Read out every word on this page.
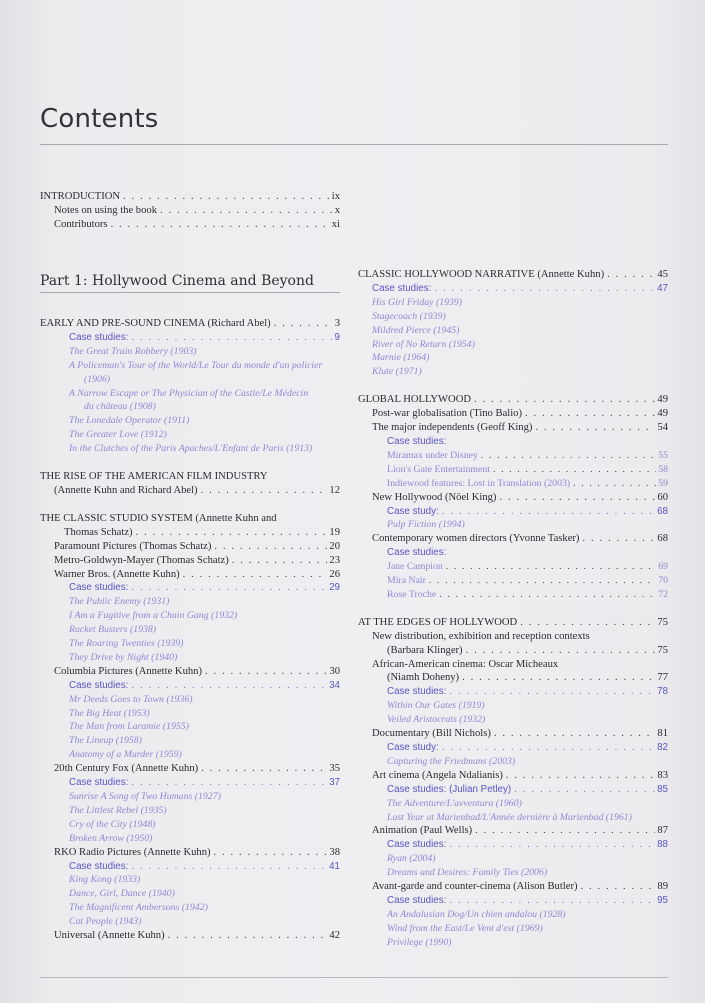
Contents
INTRODUCTION . . .	ix
Notes on using the book . . .	x
Contributors . . .	xi
Part 1: Hollywood Cinema and Beyond
EARLY AND PRE-SOUND CINEMA (Richard Abel) . . .	3
Case studies: . . .	9
The Great Train Robbery (1903)
A Policeman's Tour of the World/Le Tour du monde d'un policier
(1906)
A Narrow Escape or The Physician of the Castle/Le Médecin
du château (1908)
The Lonedale Operator (1911)
The Greater Love (1912)
In the Clutches of the Paris Apaches/L'Enfant de Paris (1913)
THE RISE OF THE AMERICAN FILM INDUSTRY
(Annette Kuhn and Richard Abel) . . .	12
THE CLASSIC STUDIO SYSTEM (Annette Kuhn and
Thomas Schatz) . . .	19
Paramount Pictures (Thomas Schatz) . . .	20
Metro-Goldwyn-Mayer (Thomas Schatz) . . .	23
Warner Bros. (Annette Kuhn) . . .	26
Case studies: . . .	29
The Public Enemy (1931)
I Am a Fugitive from a Chain Gang (1932)
Racket Busters (1938)
The Roaring Twenties (1939)
They Drive by Night (1940)
Columbia Pictures (Annette Kuhn) . . .	30
Case studies: . . .	34
Mr Deeds Goes to Town (1936)
The Big Heat (1953)
The Man from Laramie (1955)
The Lineup (1958)
Anatomy of a Murder (1959)
20th Century Fox (Annette Kuhn) . . .	35
Case studies: . . .	37
Sunrise A Song of Two Humans (1927)
The Littlest Rebel (1935)
Cry of the City (1948)
Broken Arrow (1950)
RKO Radio Pictures (Annette Kuhn) . . .	38
Case studies: . . .	41
King Kong (1933)
Dance, Girl, Dance (1940)
The Magnificent Ambersons (1942)
Cat People (1943)
Universal (Annette Kuhn) . . .	42
CLASSIC HOLLYWOOD NARRATIVE (Annette Kuhn) . . .	45
Case studies: . . .	47
His Girl Friday (1939)
Stagecoach (1939)
Mildred Pierce (1945)
River of No Return (1954)
Marnie (1964)
Klute (1971)
GLOBAL HOLLYWOOD . . .	49
Post-war globalisation (Tino Balio) . . .	49
The major independents (Geoff King) . . .	54
Case studies:
Miramax under Disney . . .	55
Lion's Gate Entertainment . . .	58
Indiewood features: Lost in Translation (2003) . . .	59
New Hollywood (Nöel King) . . .	60
Case study: . . .	68
Pulp Fiction (1994)
Contemporary women directors (Yvonne Tasker) . . .	68
Case studies:
Jane Campion . . .	69
Mira Nair . . .	70
Rose Troche . . .	72
AT THE EDGES OF HOLLYWOOD . . .	75
New distribution, exhibition and reception contexts
(Barbara Klinger) . . .	75
African-American cinema: Oscar Micheaux
(Niamh Doheny) . . .	77
Case studies: . . .	78
Within Our Gates (1919)
Veiled Aristocrats (1932)
Documentary (Bill Nichols) . . .	81
Case study: . . .	82
Capturing the Friedmans (2003)
Art cinema (Angela Ndalianis) . . .	83
Case studies: (Julian Petley) . . .	85
The Adventure/L'avventura (1960)
Last Year at Marienbad/L'Année dernière à Marienbad (1961)
Animation (Paul Wells) . . .	87
Case studies: . . .	88
Ryan (2004)
Dreams and Desires: Family Ties (2006)
Avant-garde and counter-cinema (Alison Butler) . . .	89
Case studies: . . .	95
An Andalusian Dog/Un chien andalou (1928)
Wind from the East/Le Vent d'est (1969)
Privilege (1990)
